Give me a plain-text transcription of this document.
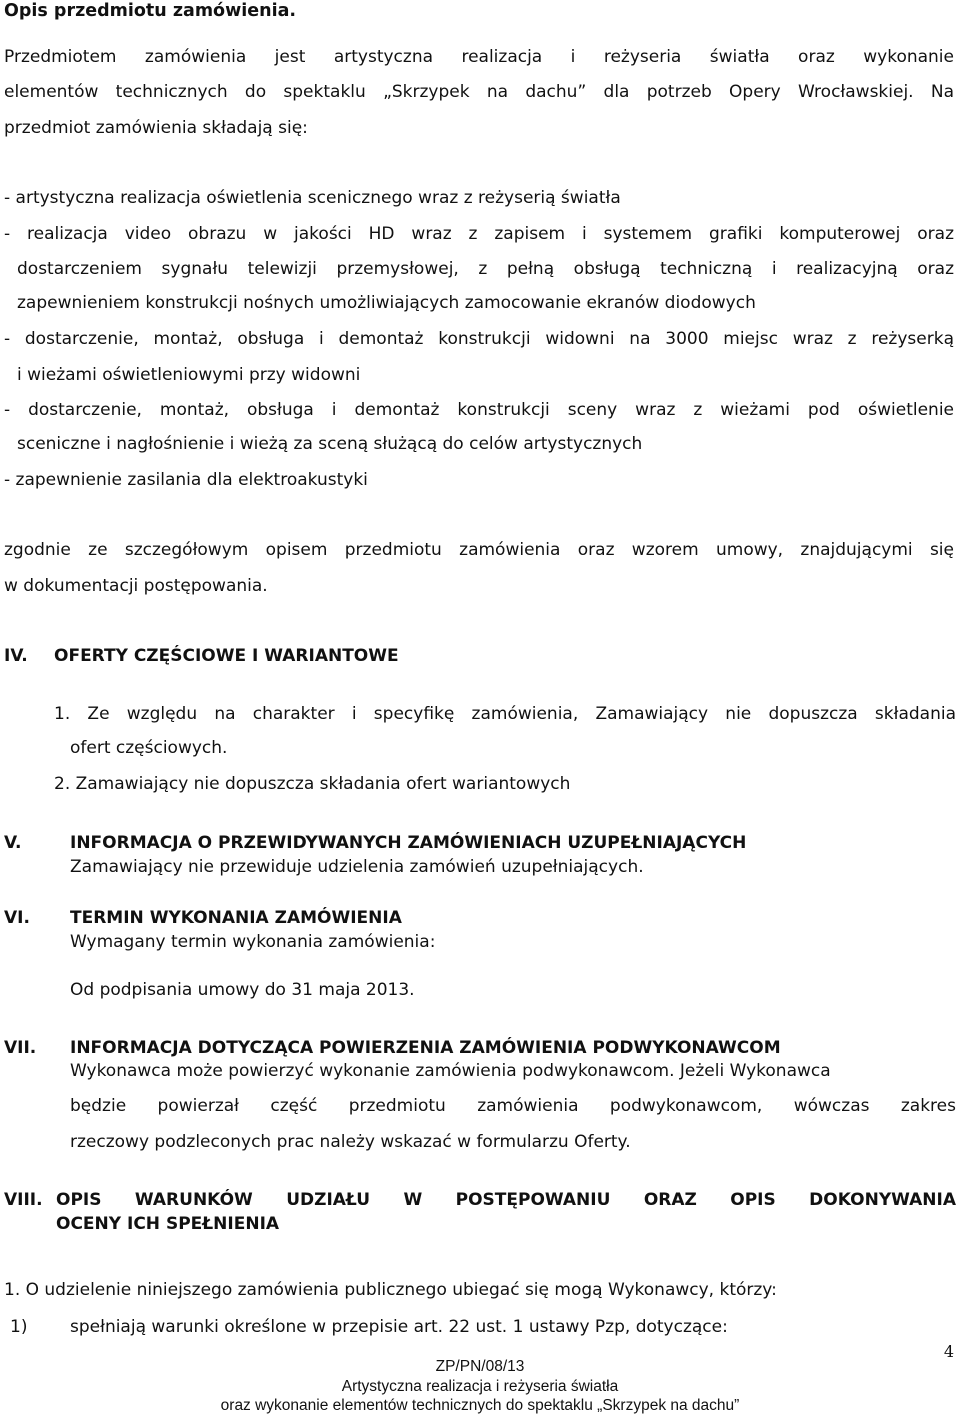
Opis przedmiotu zamówienia.
Przedmiotem zamówienia jest artystyczna realizacja i reżyseria światła oraz wykonanie
elementów technicznych do spektaklu „Skrzypek na dachu” dla potrzeb Opery Wrocławskiej. Na
przedmiot zamówienia składają się:
- artystyczna realizacja oświetlenia scenicznego wraz z reżyserią światła
- realizacja video obrazu w jakości HD wraz z zapisem i systemem grafiki komputerowej oraz
dostarczeniem sygnału telewizji przemysłowej, z pełną obsługą techniczną i realizacyjną oraz
zapewnieniem konstrukcji nośnych umożliwiających zamocowanie ekranów diodowych
- dostarczenie, montaż, obsługa i demontaż konstrukcji widowni na 3000 miejsc wraz z reżyserką
i wieżami oświetleniowymi przy widowni
- dostarczenie, montaż, obsługa i demontaż konstrukcji sceny wraz z wieżami pod oświetlenie
sceniczne i nagłośnienie i wieżą za sceną służącą do celów artystycznych
- zapewnienie zasilania dla elektroakustyki
zgodnie ze szczegółowym opisem przedmiotu zamówienia oraz wzorem umowy, znajdującymi się
w dokumentacji postępowania.
IV. OFERTY CZĘŚCIOWE I WARIANTOWE
1. Ze względu na charakter i specyfikę zamówienia, Zamawiający nie dopuszcza składania
ofert częściowych.
2. Zamawiający nie dopuszcza składania ofert wariantowych
V.	INFORMACJA O PRZEWIDYWANYCH ZAMÓWIENIACH UZUPEŁNIAJĄCYCH
Zamawiający nie przewiduje udzielenia zamówień uzupełniających.
VI. TERMIN WYKONANIA ZAMÓWIENIA
Wymagany termin wykonania zamówienia:
Od podpisania umowy do 31 maja 2013.
VII. INFORMACJA DOTYCZĄCA POWIERZENIA ZAMÓWIENIA PODWYKONAWCOM
Wykonawca może powierzyć wykonanie zamówienia podwykonawcom. Jeżeli Wykonawca
będzie powierzał część przedmiotu zamówienia podwykonawcom, wówczas zakres
rzeczowy podzleconych prac należy wskazać w formularzu Oferty.
VIII. OPIS WARUNKÓW UDZIAŁU W POSTĘPOWANIU ORAZ OPIS DOKONYWANIA
OCENY ICH SPEŁNIENIA
1. O udzielenie niniejszego zamówienia publicznego ubiegać się mogą Wykonawcy, którzy:
1)	spełniają warunki określone w przepisie art. 22 ust. 1 ustawy Pzp, dotyczące:
4
ZP/PN/08/13
Artystyczna realizacja i reżyseria światła
oraz wykonanie elementów technicznych do spektaklu „Skrzypek na dachu”
